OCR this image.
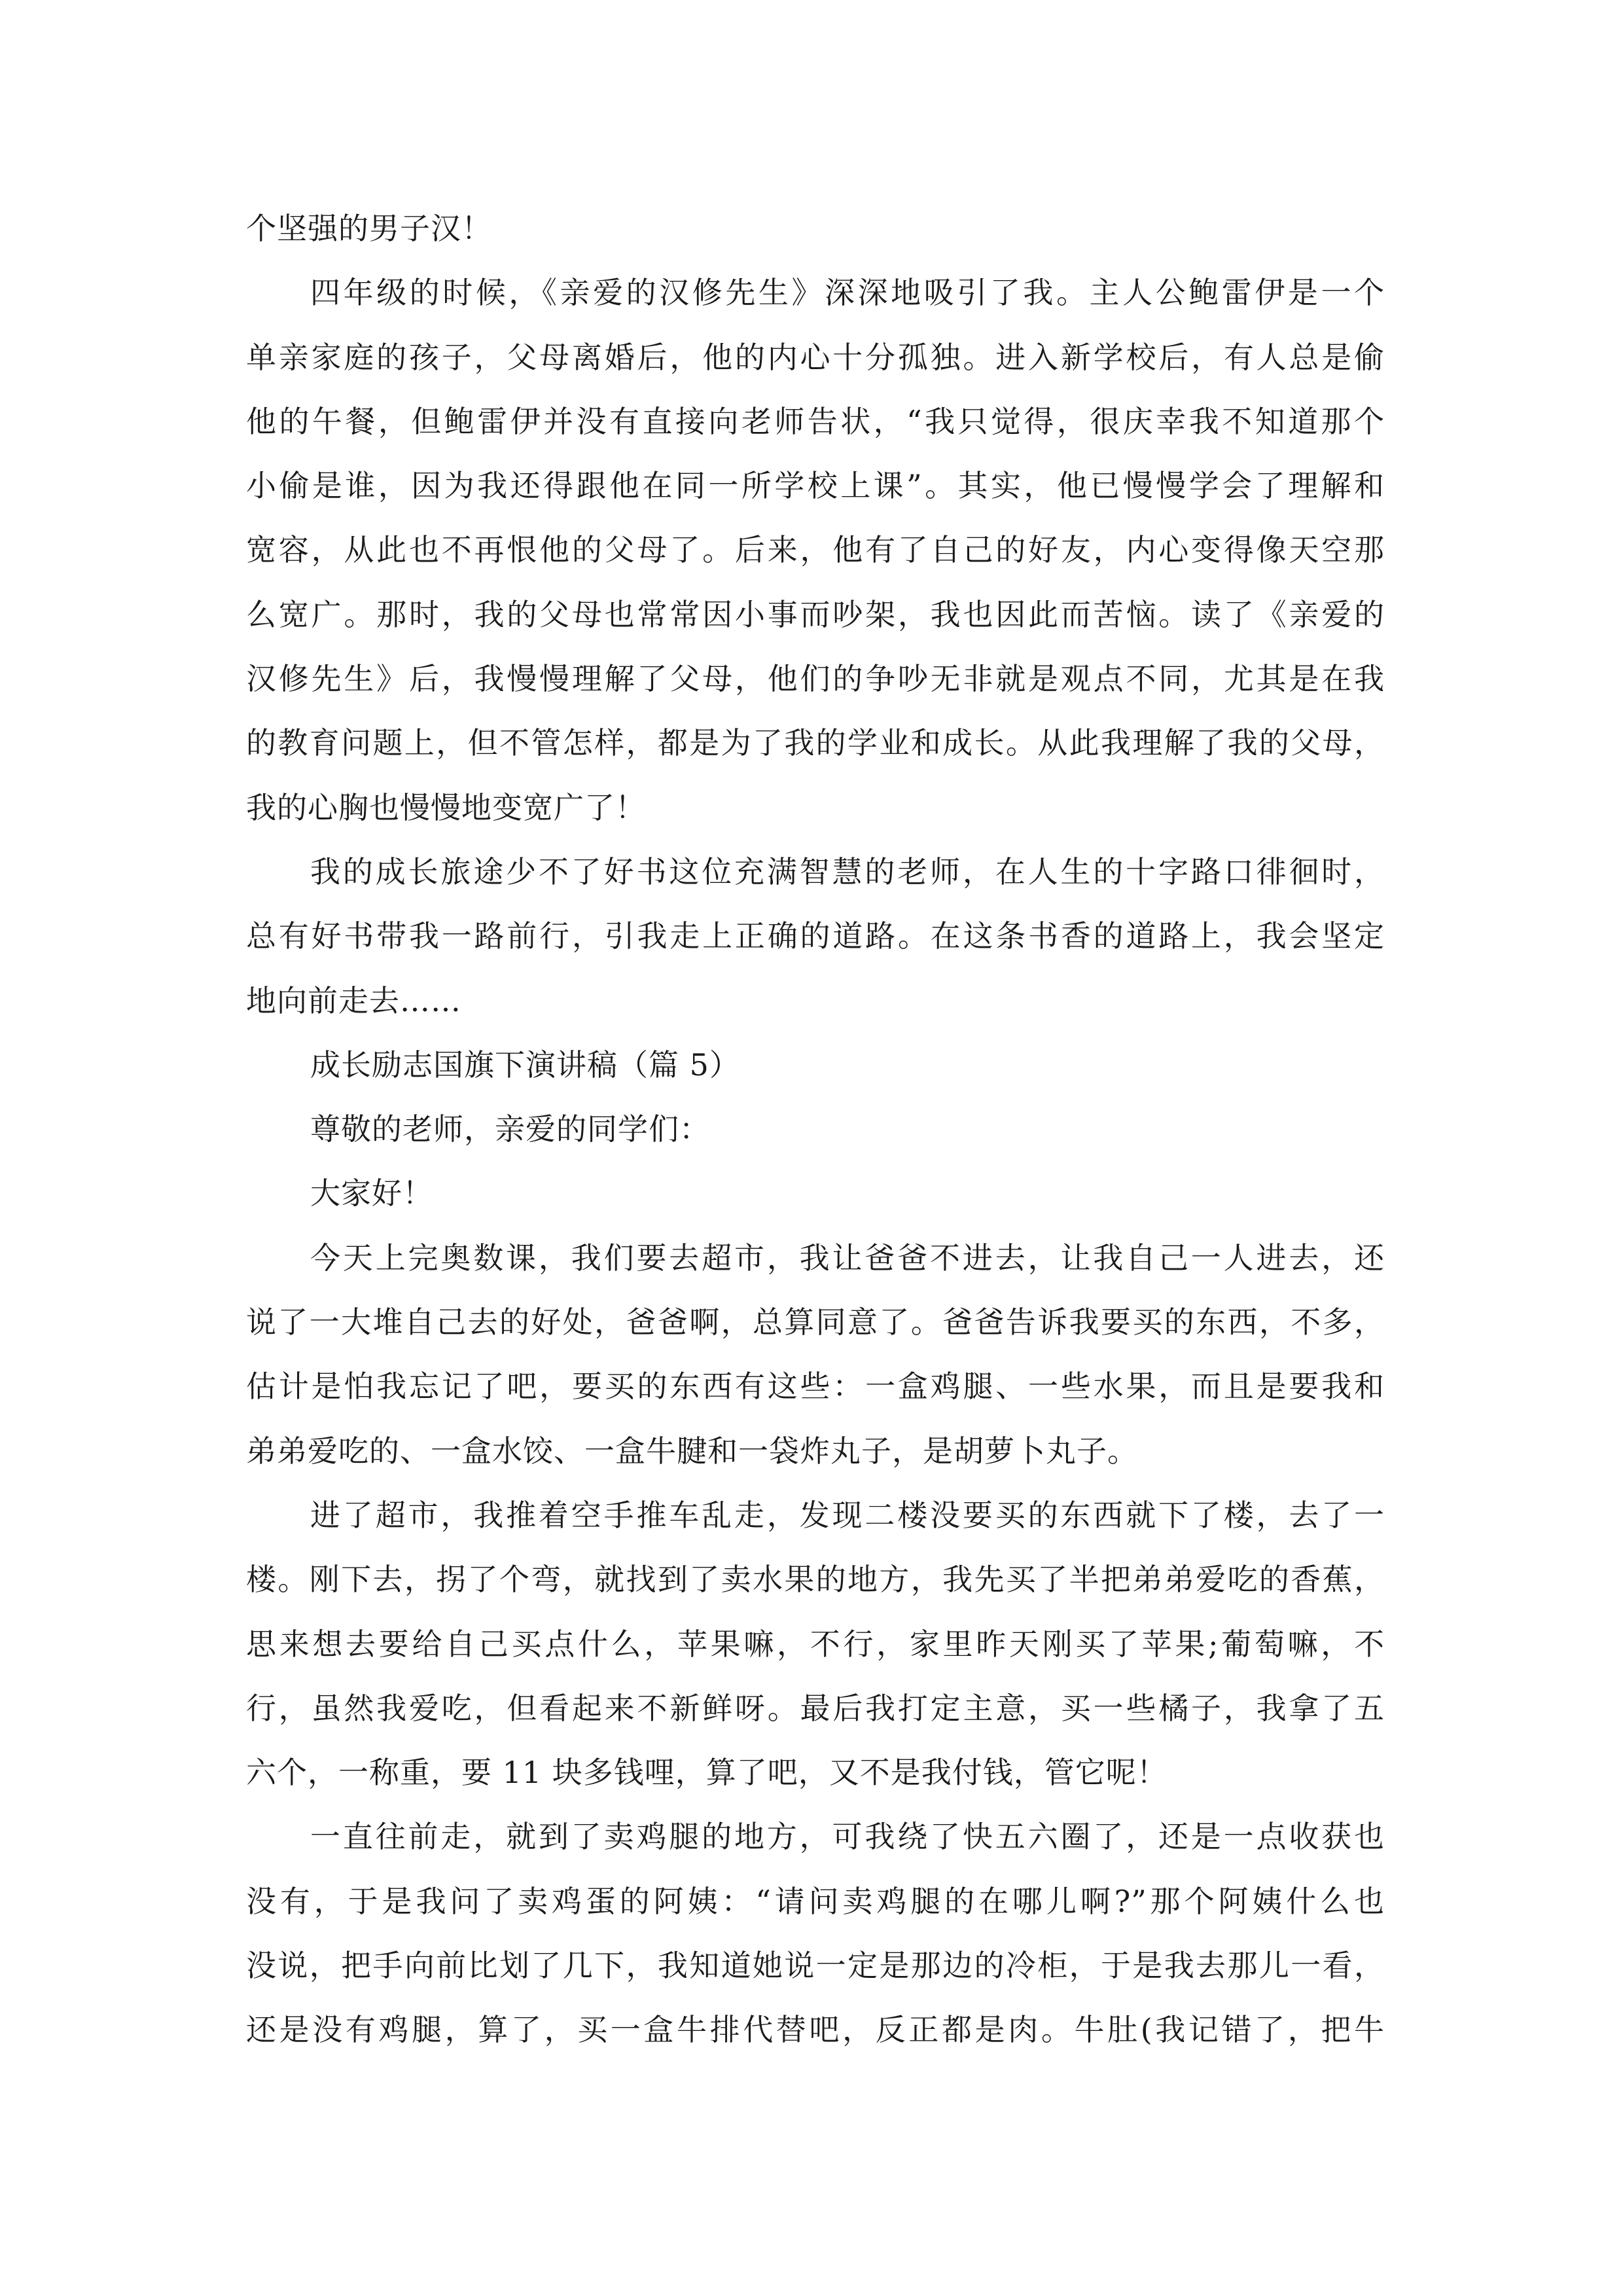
个坚强的男子汉！
四年级的时候，《亲爱的汉修先生》深深地吸引了我。主人公鲍雷伊是一个
单亲家庭的孩子，父母离婚后，他的内心十分孤独。进入新学校后，有人总是偷
他的午餐，但鲍雷伊并没有直接向老师告状，“我只觉得，很庆幸我不知道那个
小偷是谁，因为我还得跟他在同一所学校上课”。其实，他已慢慢学会了理解和
宽容，从此也不再恨他的父母了。后来，他有了自己的好友，内心变得像天空那
么宽广。那时，我的父母也常常因小事而吵架，我也因此而苦恼。读了《亲爱的
汉修先生》后，我慢慢理解了父母，他们的争吵无非就是观点不同，尤其是在我
的教育问题上，但不管怎样，都是为了我的学业和成长。从此我理解了我的父母，
我的心胸也慢慢地变宽广了！
我的成长旅途少不了好书这位充满智慧的老师，在人生的十字路口徘徊时，
总有好书带我一路前行，引我走上正确的道路。在这条书香的道路上，我会坚定
地向前走去……
成长励志国旗下演讲稿（篇 5）
尊敬的老师，亲爱的同学们：
大家好！
今天上完奥数课，我们要去超市，我让爸爸不进去，让我自己一人进去，还
说了一大堆自己去的好处，爸爸啊，总算同意了。爸爸告诉我要买的东西，不多，
估计是怕我忘记了吧，要买的东西有这些：一盒鸡腿、一些水果，而且是要我和
弟弟爱吃的、一盒水饺、一盒牛腱和一袋炸丸子，是胡萝卜丸子。
进了超市，我推着空手推车乱走，发现二楼没要买的东西就下了楼，去了一
楼。刚下去，拐了个弯，就找到了卖水果的地方，我先买了半把弟弟爱吃的香蕉，
思来想去要给自己买点什么，苹果嘛，不行，家里昨天刚买了苹果;葡萄嘛，不
行，虽然我爱吃，但看起来不新鲜呀。最后我打定主意，买一些橘子，我拿了五
六个，一称重，要 11 块多钱哩，算了吧，又不是我付钱，管它呢！
一直往前走，就到了卖鸡腿的地方，可我绕了快五六圈了，还是一点收获也
没有，于是我问了卖鸡蛋的阿姨：“请问卖鸡腿的在哪儿啊?”那个阿姨什么也
没说，把手向前比划了几下，我知道她说一定是那边的冷柜，于是我去那儿一看，
还是没有鸡腿，算了，买一盒牛排代替吧，反正都是肉。牛肚(我记错了，把牛
